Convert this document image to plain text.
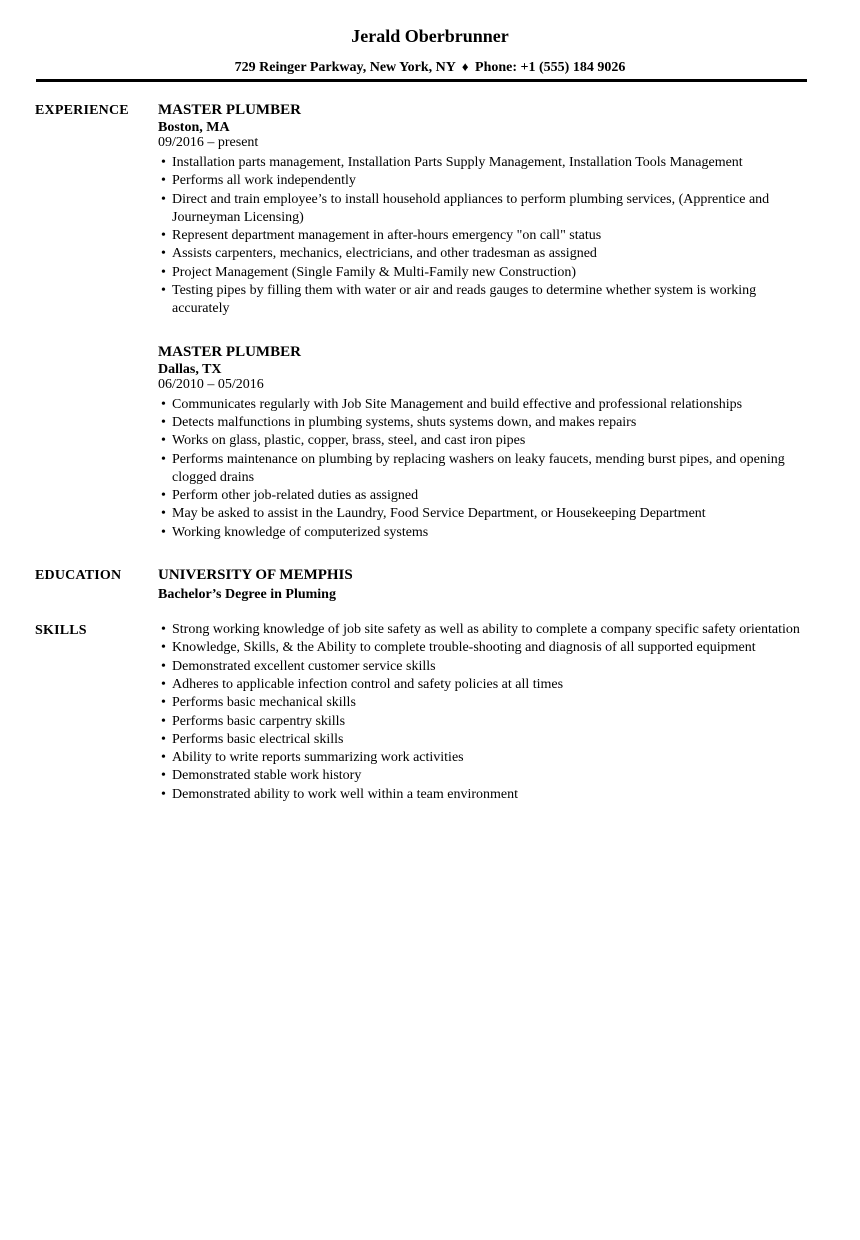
Jerald Oberbrunner
729 Reinger Parkway, New York, NY ♦ Phone: +1 (555) 184 9026
EXPERIENCE	MASTER PLUMBER
Boston, MA
09/2016 – present
• Installation parts management, Installation Parts Supply Management, Installation Tools Management
• Performs all work independently
• Direct and train employee’s to install household appliances to perform plumbing services, (Apprentice and Journeyman Licensing)
• Represent department management in after-hours emergency "on call" status
• Assists carpenters, mechanics, electricians, and other tradesman as assigned
• Project Management (Single Family & Multi-Family new Construction)
• Testing pipes by filling them with water or air and reads gauges to determine whether system is working accurately
MASTER PLUMBER
Dallas, TX
06/2010 – 05/2016
• Communicates regularly with Job Site Management and build effective and professional relationships
• Detects malfunctions in plumbing systems, shuts systems down, and makes repairs
• Works on glass, plastic, copper, brass, steel, and cast iron pipes
• Performs maintenance on plumbing by replacing washers on leaky faucets, mending burst pipes, and opening clogged drains
• Perform other job-related duties as assigned
• May be asked to assist in the Laundry, Food Service Department, or Housekeeping Department
• Working knowledge of computerized systems
EDUCATION	UNIVERSITY OF MEMPHIS
Bachelor’s Degree in Pluming
SKILLS	• Strong working knowledge of job site safety as well as ability to complete a company specific safety orientation
• Knowledge, Skills, & the Ability to complete trouble-shooting and diagnosis of all supported equipment
• Demonstrated excellent customer service skills
• Adheres to applicable infection control and safety policies at all times
• Performs basic mechanical skills
• Performs basic carpentry skills
• Performs basic electrical skills
• Ability to write reports summarizing work activities
• Demonstrated stable work history
• Demonstrated ability to work well within a team environment
